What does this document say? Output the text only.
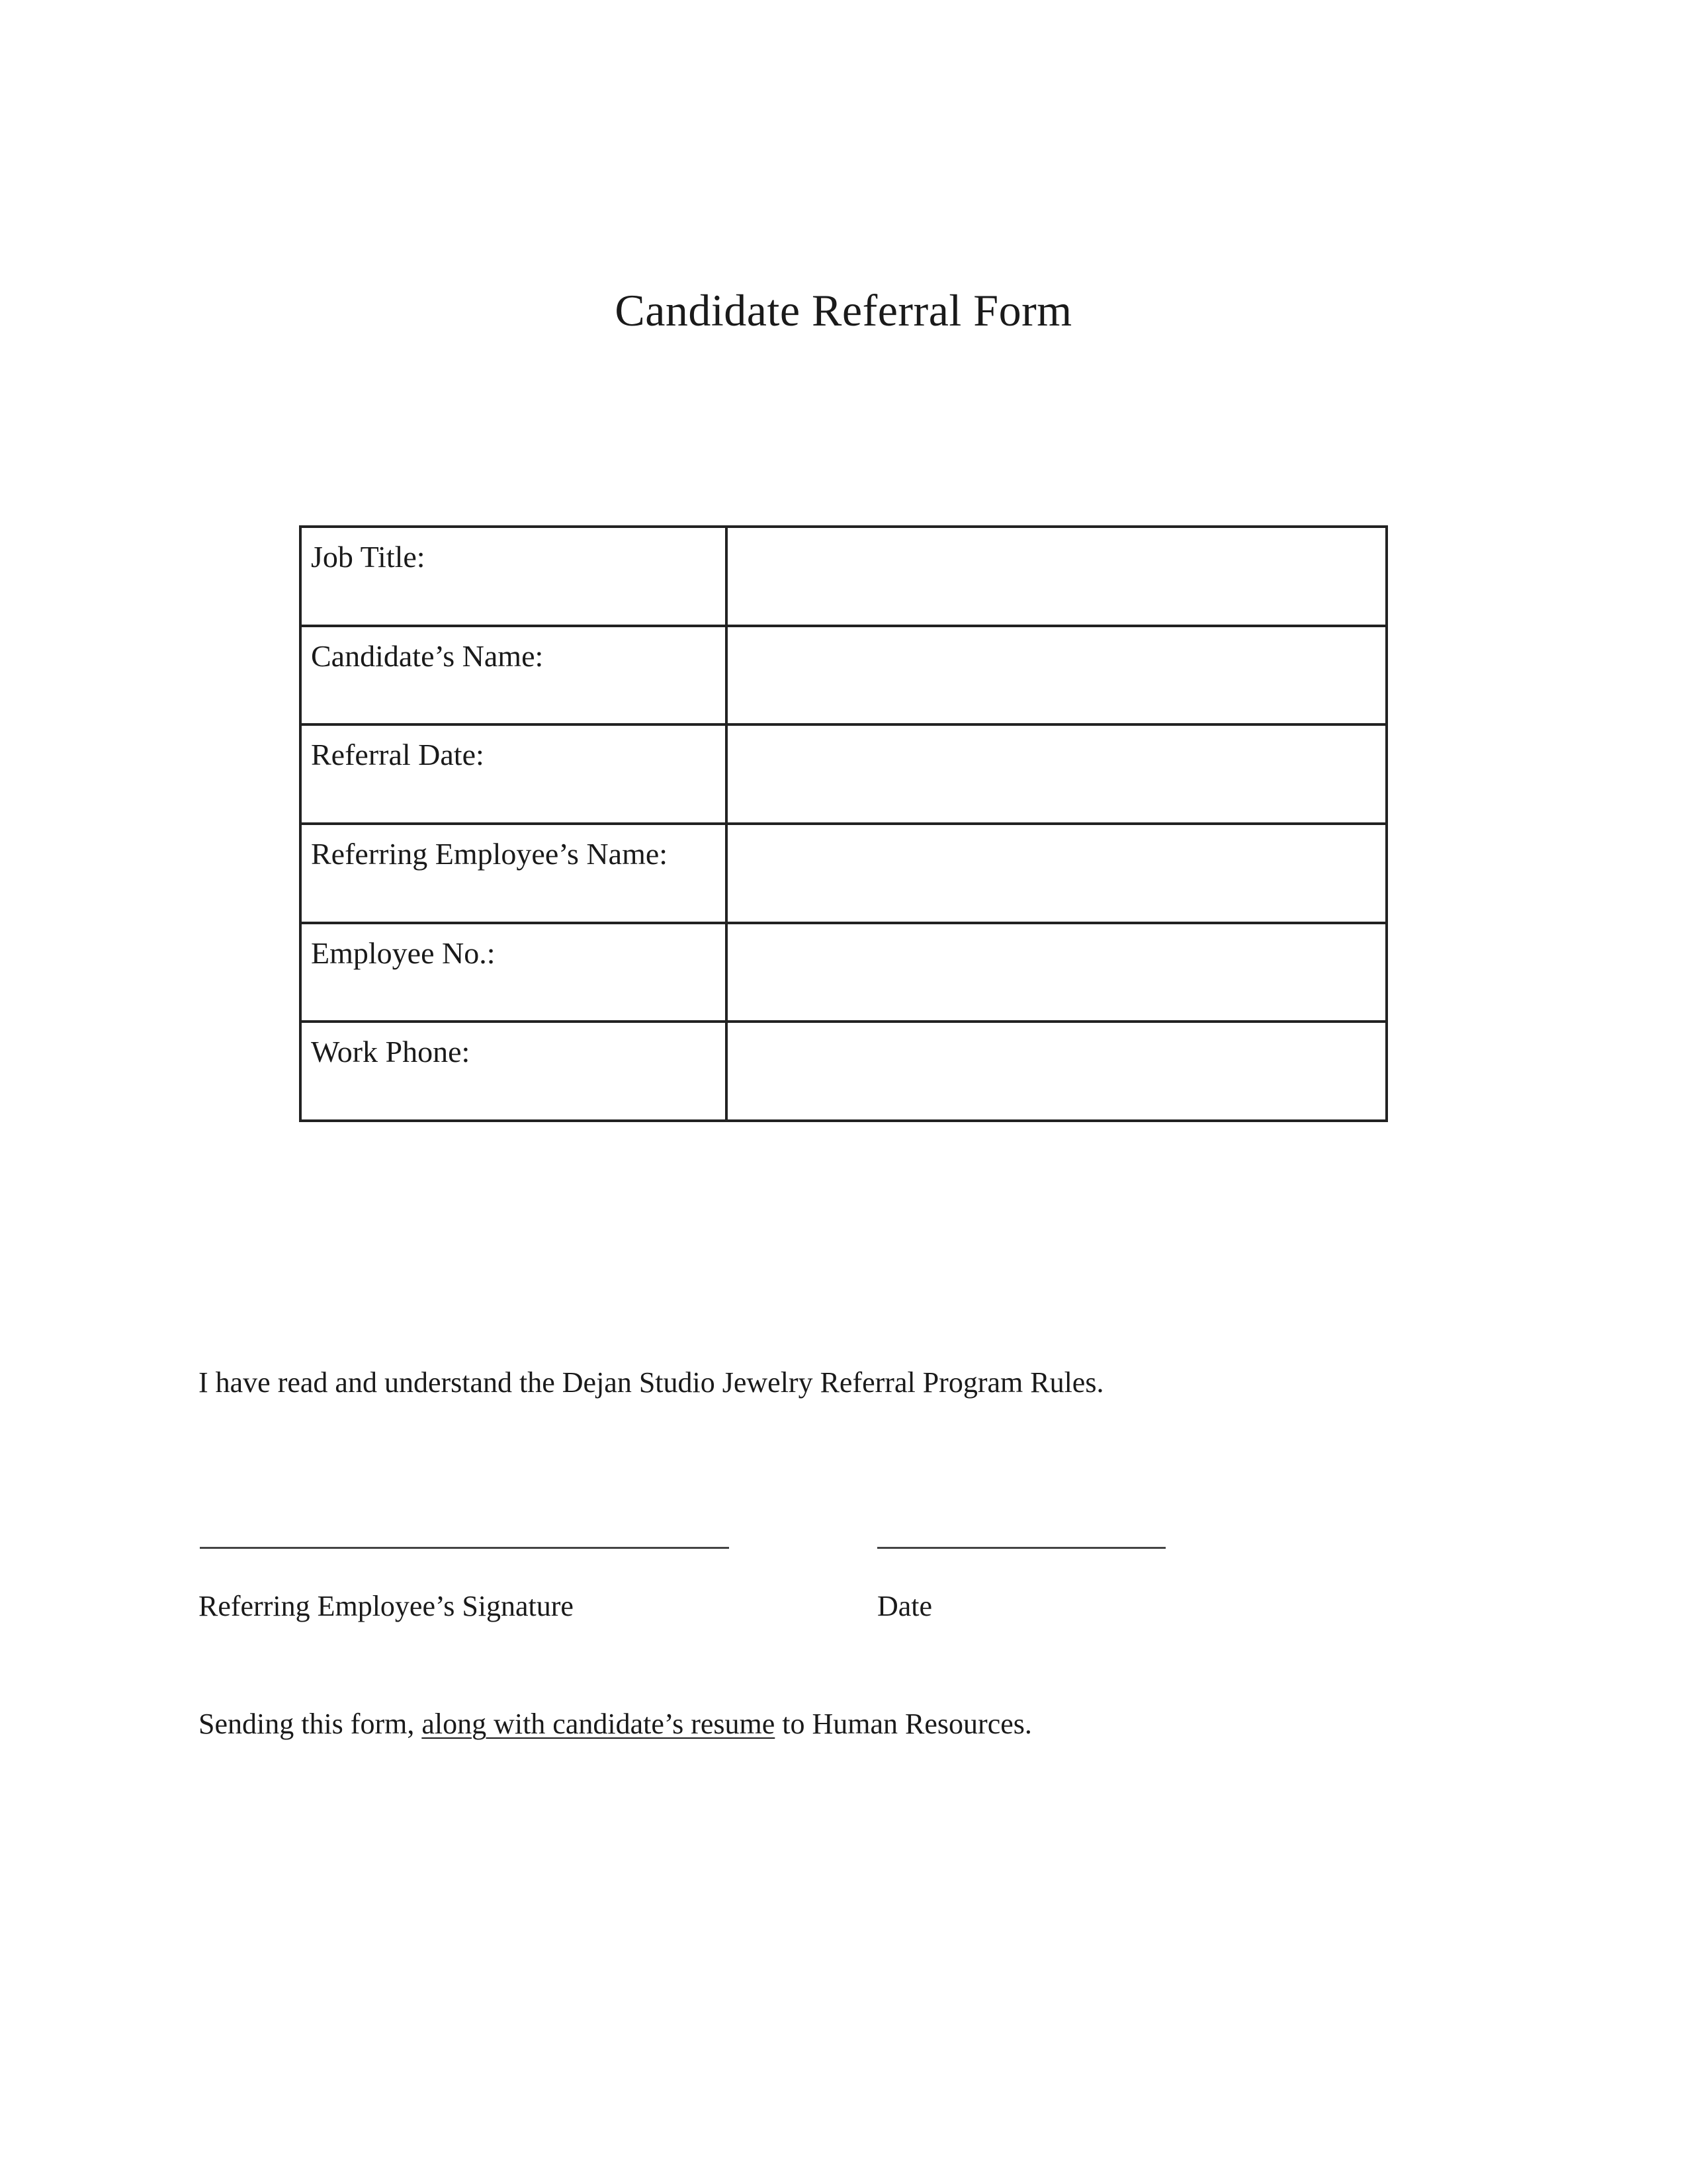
Candidate Referral Form
Job Title:	

Candidate’s Name:	

Referral Date:	

Referring Employee’s Name:	

Employee No.:	

Work Phone:	

I have read and understand the Dejan Studio Jewelry Referral Program Rules.
Referring Employee’s Signature	Date
Sending this form, along with candidate’s resume to Human Resources.
